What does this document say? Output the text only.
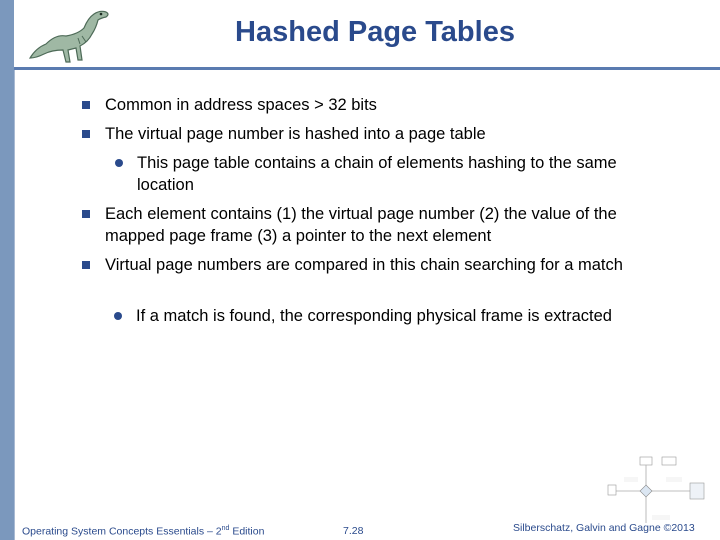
Hashed Page Tables
Common in address spaces > 32 bits
The virtual page number is hashed into a page table
This page table contains a chain of elements hashing to the same location
Each element contains (1) the virtual page number (2) the value of the mapped page frame (3) a pointer to the next element
Virtual page numbers are compared in this chain searching for a match
If a match is found, the corresponding physical frame is extracted
Operating System Concepts Essentials – 2nd Edition	7.28	Silberschatz, Galvin and Gagne ©2013
